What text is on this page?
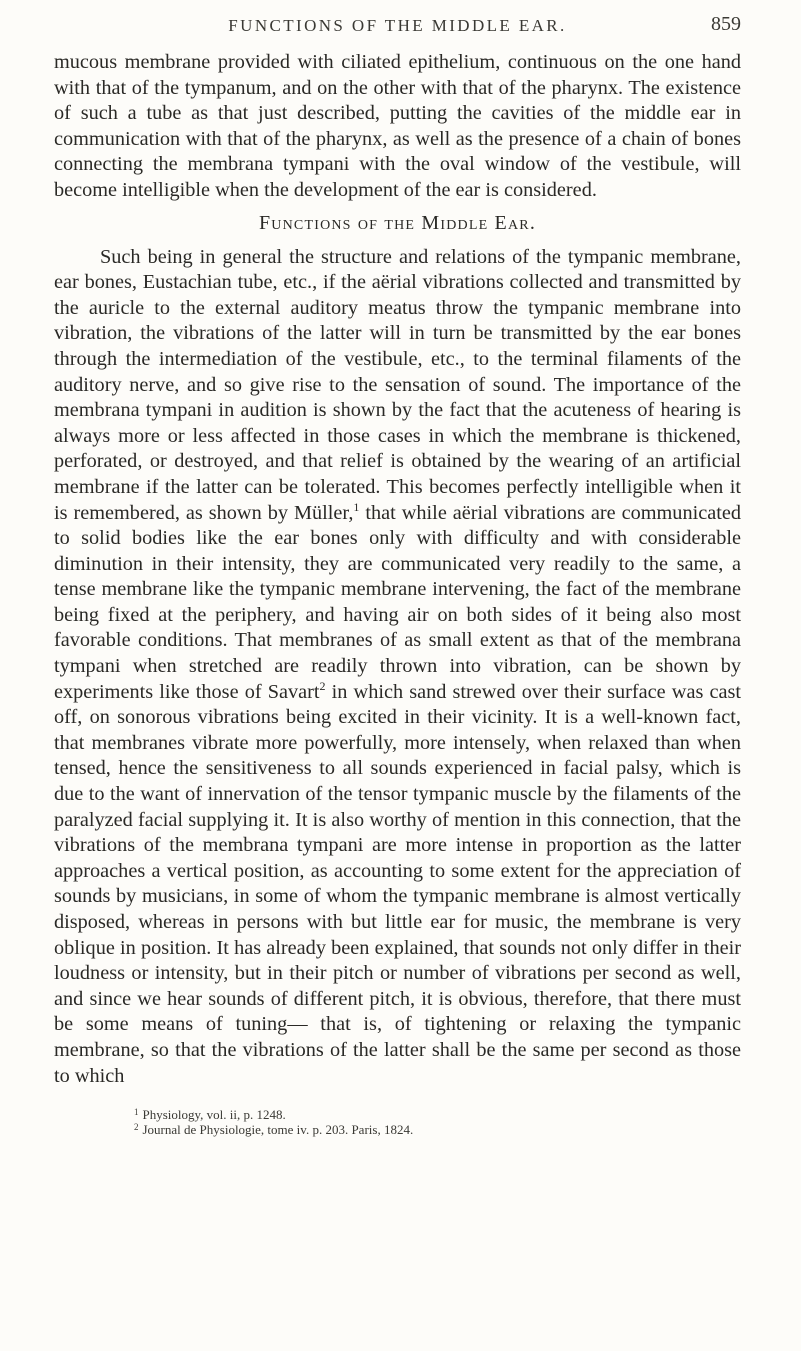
FUNCTIONS OF THE MIDDLE EAR.	859

mucous membrane provided with ciliated epithelium, continuous on the one hand with that of the tympanum, and on the other with that of the pharynx. The existence of such a tube as that just described, putting the cavities of the middle ear in communication with that of the pharynx, as well as the presence of a chain of bones connecting the membrana tympani with the oval window of the vestibule, will become intelligible when the development of the ear is considered.

Functions of the Middle Ear.

Such being in general the structure and relations of the tympanic membrane, ear bones, Eustachian tube, etc., if the aërial vibrations collected and transmitted by the auricle to the external auditory meatus throw the tympanic membrane into vibration, the vibrations of the latter will in turn be transmitted by the ear bones through the intermediation of the vestibule, etc., to the terminal filaments of the auditory nerve, and so give rise to the sensation of sound. The importance of the membrana tympani in audition is shown by the fact that the acuteness of hearing is always more or less affected in those cases in which the membrane is thickened, perforated, or destroyed, and that relief is obtained by the wearing of an artificial membrane if the latter can be tolerated. This becomes perfectly intelligible when it is remembered, as shown by Müller,$^1$ that while aërial vibrations are communicated to solid bodies like the ear bones only with difficulty and with considerable diminution in their intensity, they are communicated very readily to the same, a tense membrane like the tympanic membrane intervening, the fact of the membrane being fixed at the periphery, and having air on both sides of it being also most favorable conditions. That membranes of as small extent as that of the membrana tympani when stretched are readily thrown into vibration, can be shown by experiments like those of Savart$^2$ in which sand strewed over their surface was cast off, on sonorous vibrations being excited in their vicinity. It is a well-known fact, that membranes vibrate more powerfully, more intensely, when relaxed than when tensed, hence the sensitiveness to all sounds experienced in facial palsy, which is due to the want of innervation of the tensor tympanic muscle by the filaments of the paralyzed facial supplying it. It is also worthy of mention in this connection, that the vibrations of the membrana tympani are more intense in proportion as the latter approaches a vertical position, as accounting to some extent for the appreciation of sounds by musicians, in some of whom the tympanic membrane is almost vertically disposed, whereas in persons with but little ear for music, the membrane is very oblique in position. It has already been explained, that sounds not only differ in their loudness or intensity, but in their pitch or number of vibrations per second as well, and since we hear sounds of different pitch, it is obvious, therefore, that there must be some means of tuning— that is, of tightening or relaxing the tympanic membrane, so that the vibrations of the latter shall be the same per second as those to which

$^1$ Physiology, vol. ii, p. 1248.
$^2$ Journal de Physiologie, tome iv. p. 203. Paris, 1824.
